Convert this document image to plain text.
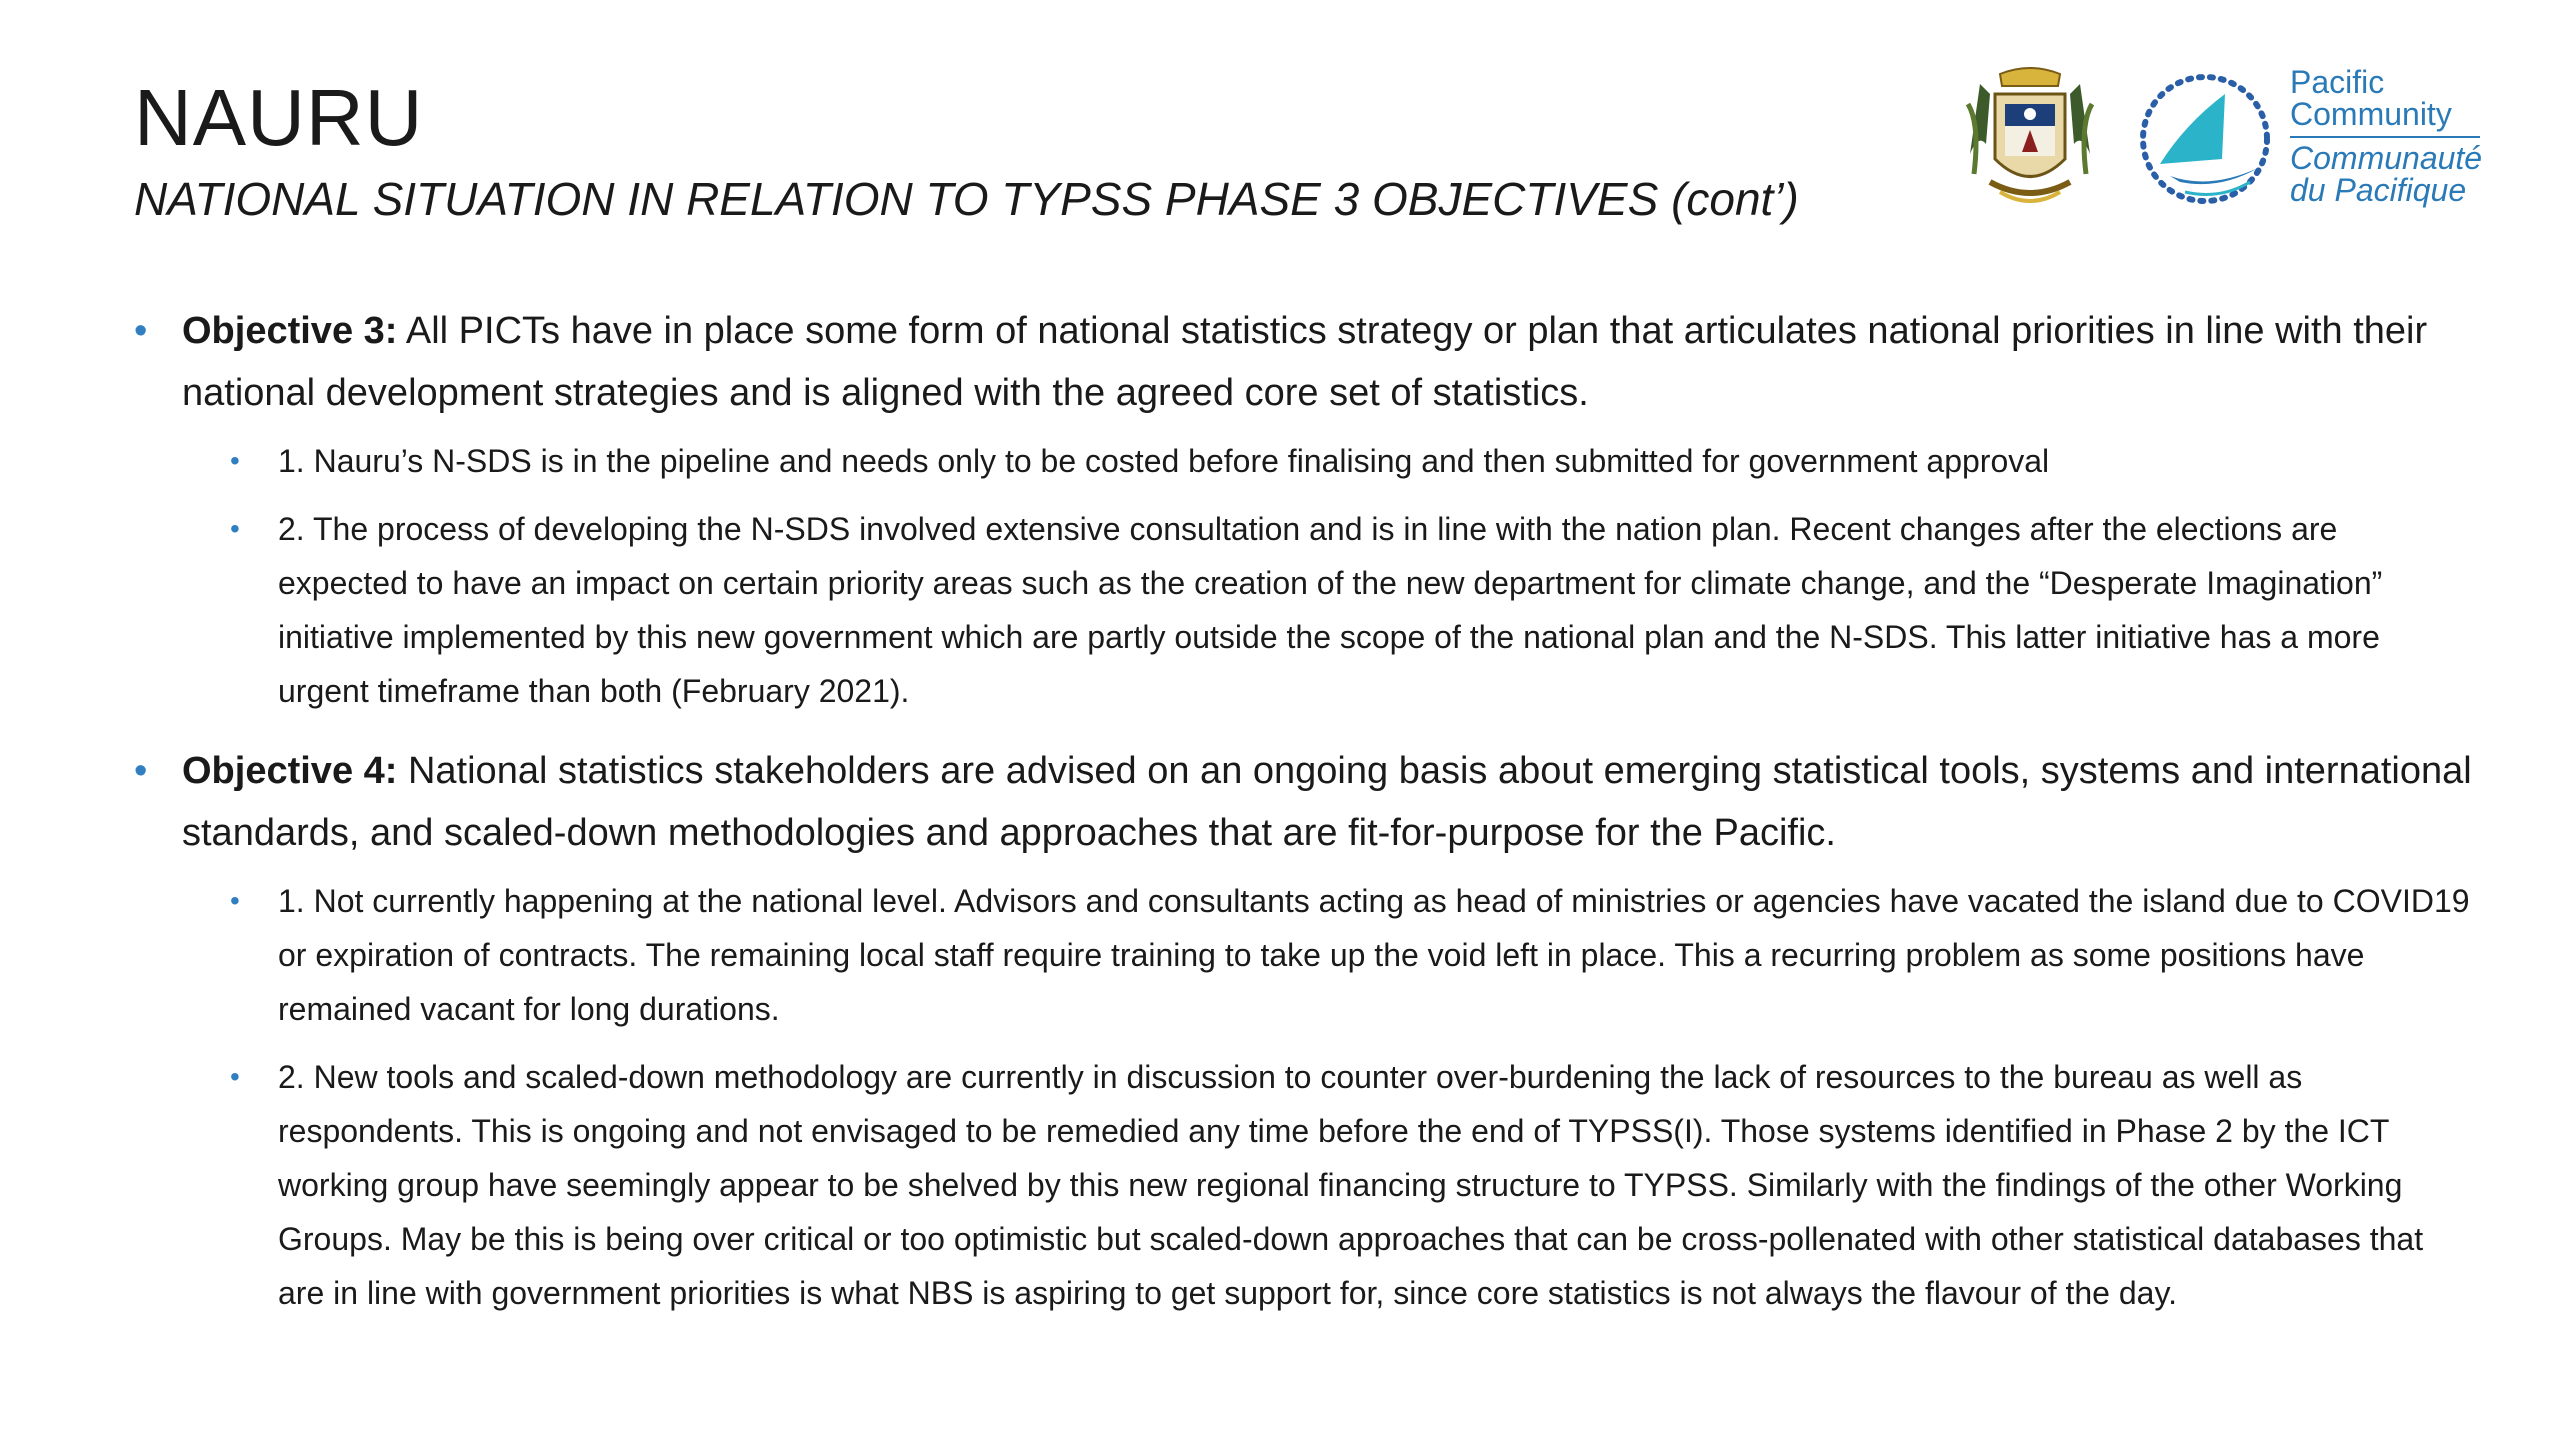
NAURU
NATIONAL SITUATION IN RELATION TO TYPSS PHASE 3 OBJECTIVES (cont’)
Pacific
Community
Communauté
du Pacifique
• Objective 3: All PICTs have in place some form of national statistics strategy or plan that articulates national priorities in line with their national development strategies and is aligned with the agreed core set of statistics.
• 1. Nauru’s N-SDS is in the pipeline and needs only to be costed before finalising and then submitted for government approval
• 2. The process of developing the N-SDS involved extensive consultation and is in line with the nation plan. Recent changes after the elections are expected to have an impact on certain priority areas such as the creation of the new department for climate change, and the “Desperate Imagination” initiative implemented by this new government which are partly outside the scope of the national plan and the N-SDS. This latter initiative has a more urgent timeframe than both (February 2021).
• Objective 4: National statistics stakeholders are advised on an ongoing basis about emerging statistical tools, systems and international standards, and scaled-down methodologies and approaches that are fit-for-purpose for the Pacific.
• 1. Not currently happening at the national level. Advisors and consultants acting as head of ministries or agencies have vacated the island due to COVID19 or expiration of contracts. The remaining local staff require training to take up the void left in place. This a recurring problem as some positions have remained vacant for long durations.
• 2. New tools and scaled-down methodology are currently in discussion to counter over-burdening the lack of resources to the bureau as well as respondents. This is ongoing and not envisaged to be remedied any time before the end of TYPSS(I). Those systems identified in Phase 2 by the ICT working group have seemingly appear to be shelved by this new regional financing structure to TYPSS. Similarly with the findings of the other Working Groups. May be this is being over critical or too optimistic but scaled-down approaches that can be cross-pollenated with other statistical databases that are in line with government priorities is what NBS is aspiring to get support for, since core statistics is not always the flavour of the day.
